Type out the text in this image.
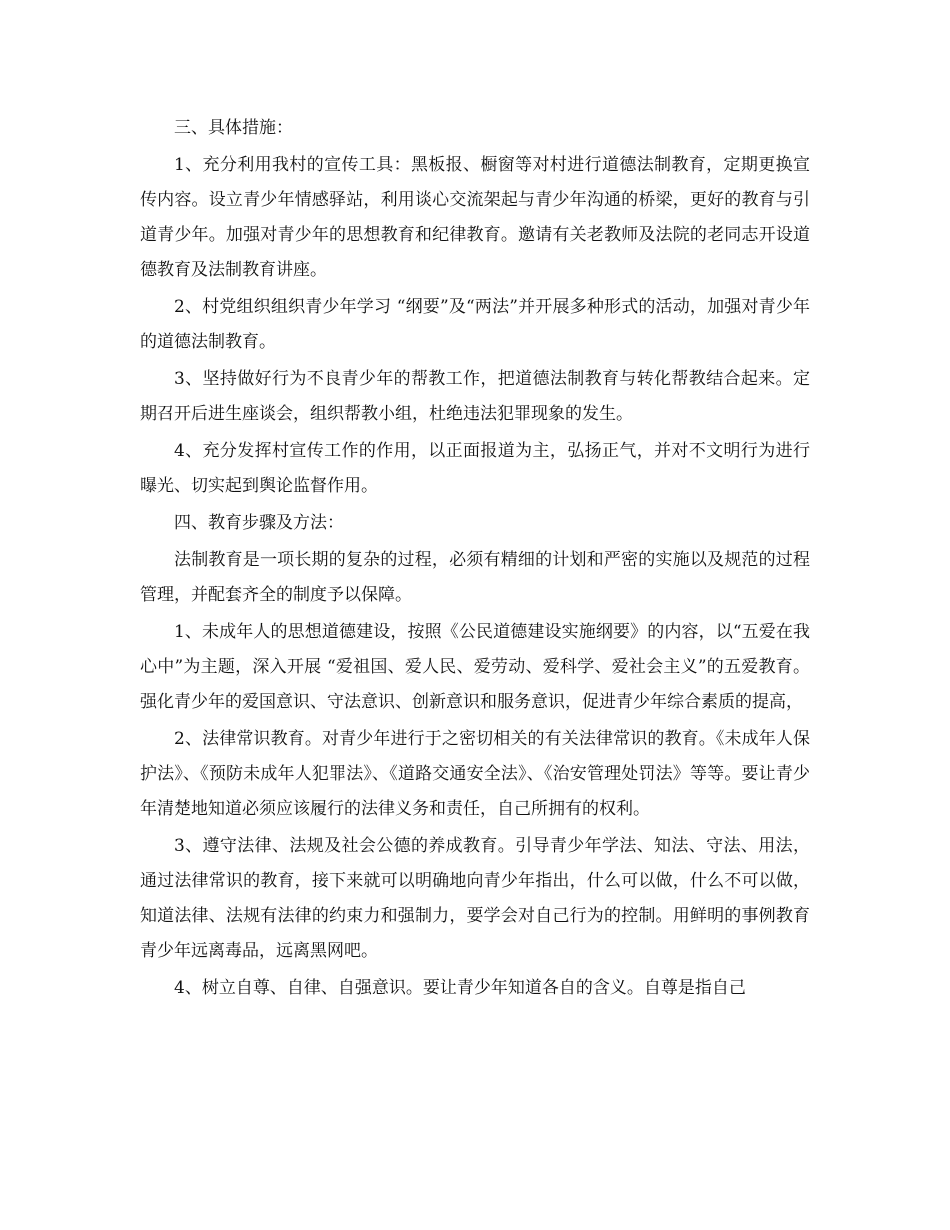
三、具体措施：

1、充分利用我村的宣传工具：黑板报、橱窗等对村进行道德法制教育，定期更换宣传内容。设立青少年情感驿站，利用谈心交流架起与青少年沟通的桥梁，更好的教育与引道青少年。加强对青少年的思想教育和纪律教育。邀请有关老教师及法院的老同志开设道德教育及法制教育讲座。

2、村党组织组织青少年学习 “纲要”及“两法”并开展多种形式的活动，加强对青少年的道德法制教育。

3、坚持做好行为不良青少年的帮教工作，把道德法制教育与转化帮教结合起来。定期召开后进生座谈会，组织帮教小组，杜绝违法犯罪现象的发生。

4、充分发挥村宣传工作的作用，以正面报道为主，弘扬正气，并对不文明行为进行曝光、切实起到舆论监督作用。

四、教育步骤及方法：

法制教育是一项长期的复杂的过程，必须有精细的计划和严密的实施以及规范的过程管理，并配套齐全的制度予以保障。

1、未成年人的思想道德建设，按照《公民道德建设实施纲要》的内容，以“五爱在我心中”为主题，深入开展 “爱祖国、爱人民、爱劳动、爱科学、爱社会主义”的五爱教育。强化青少年的爱国意识、守法意识、创新意识和服务意识，促进青少年综合素质的提高，

2、法律常识教育。对青少年进行于之密切相关的有关法律常识的教育。《未成年人保护法》、《预防未成年人犯罪法》、《道路交通安全法》、《治安管理处罚法》等等。要让青少年清楚地知道必须应该履行的法律义务和责任，自己所拥有的权利。

3、遵守法律、法规及社会公德的养成教育。引导青少年学法、知法、守法、用法，通过法律常识的教育，接下来就可以明确地向青少年指出，什么可以做，什么不可以做，知道法律、法规有法律的约束力和强制力，要学会对自己行为的控制。用鲜明的事例教育青少年远离毒品，远离黑网吧。

4、树立自尊、自律、自强意识。要让青少年知道各自的含义。自尊是指自己
